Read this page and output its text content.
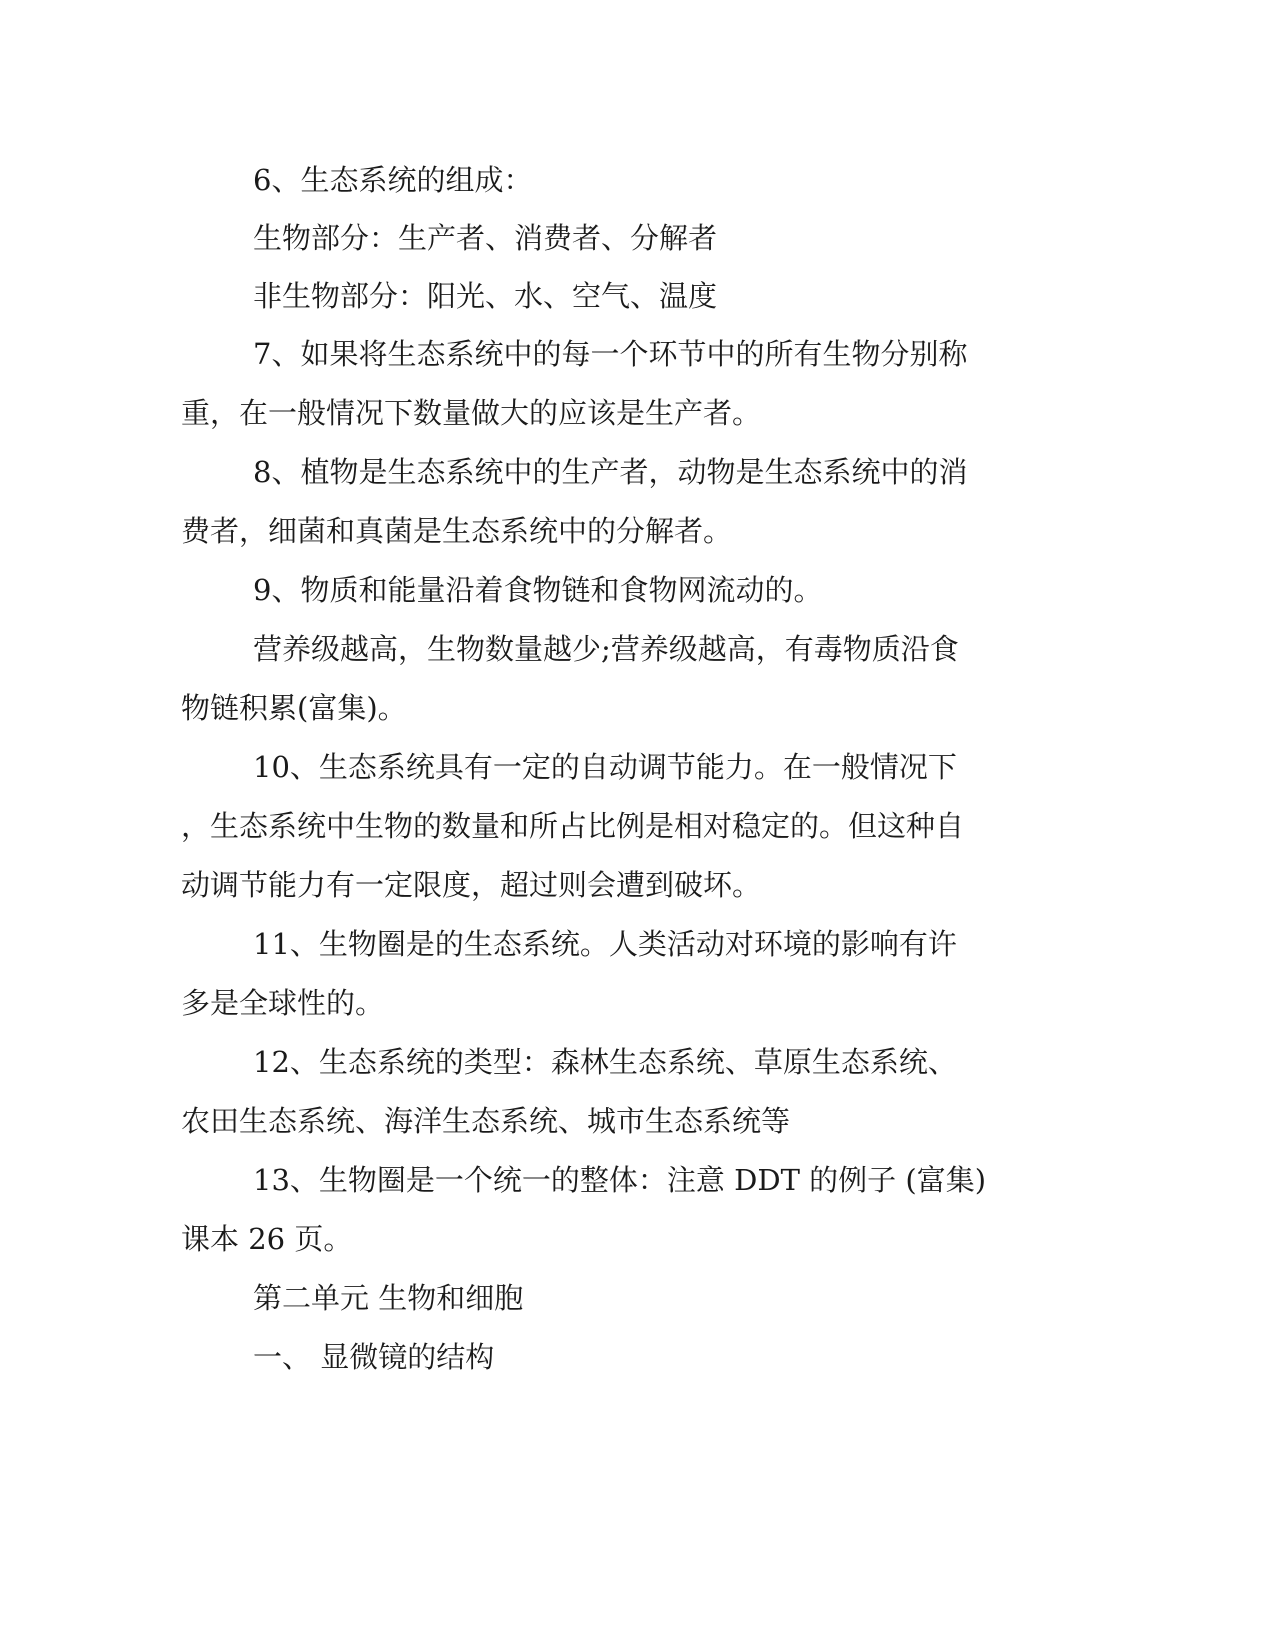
6、生态系统的组成：
生物部分：生产者、消费者、分解者
非生物部分：阳光、水、空气、温度
7、如果将生态系统中的每一个环节中的所有生物分别称
重，在一般情况下数量做大的应该是生产者。
8、植物是生态系统中的生产者，动物是生态系统中的消
费者，细菌和真菌是生态系统中的分解者。
9、物质和能量沿着食物链和食物网流动的。
营养级越高，生物数量越少;营养级越高，有毒物质沿食
物链积累(富集)。
10、生态系统具有一定的自动调节能力。在一般情况下
，生态系统中生物的数量和所占比例是相对稳定的。但这种自
动调节能力有一定限度，超过则会遭到破坏。
11、生物圈是的生态系统。人类活动对环境的影响有许
多是全球性的。
12、生态系统的类型：森林生态系统、草原生态系统、
农田生态系统、海洋生态系统、城市生态系统等
13、生物圈是一个统一的整体：注意 DDT 的例子 (富集)
课本 26 页。
第二单元 生物和细胞
一、 显微镜的结构
